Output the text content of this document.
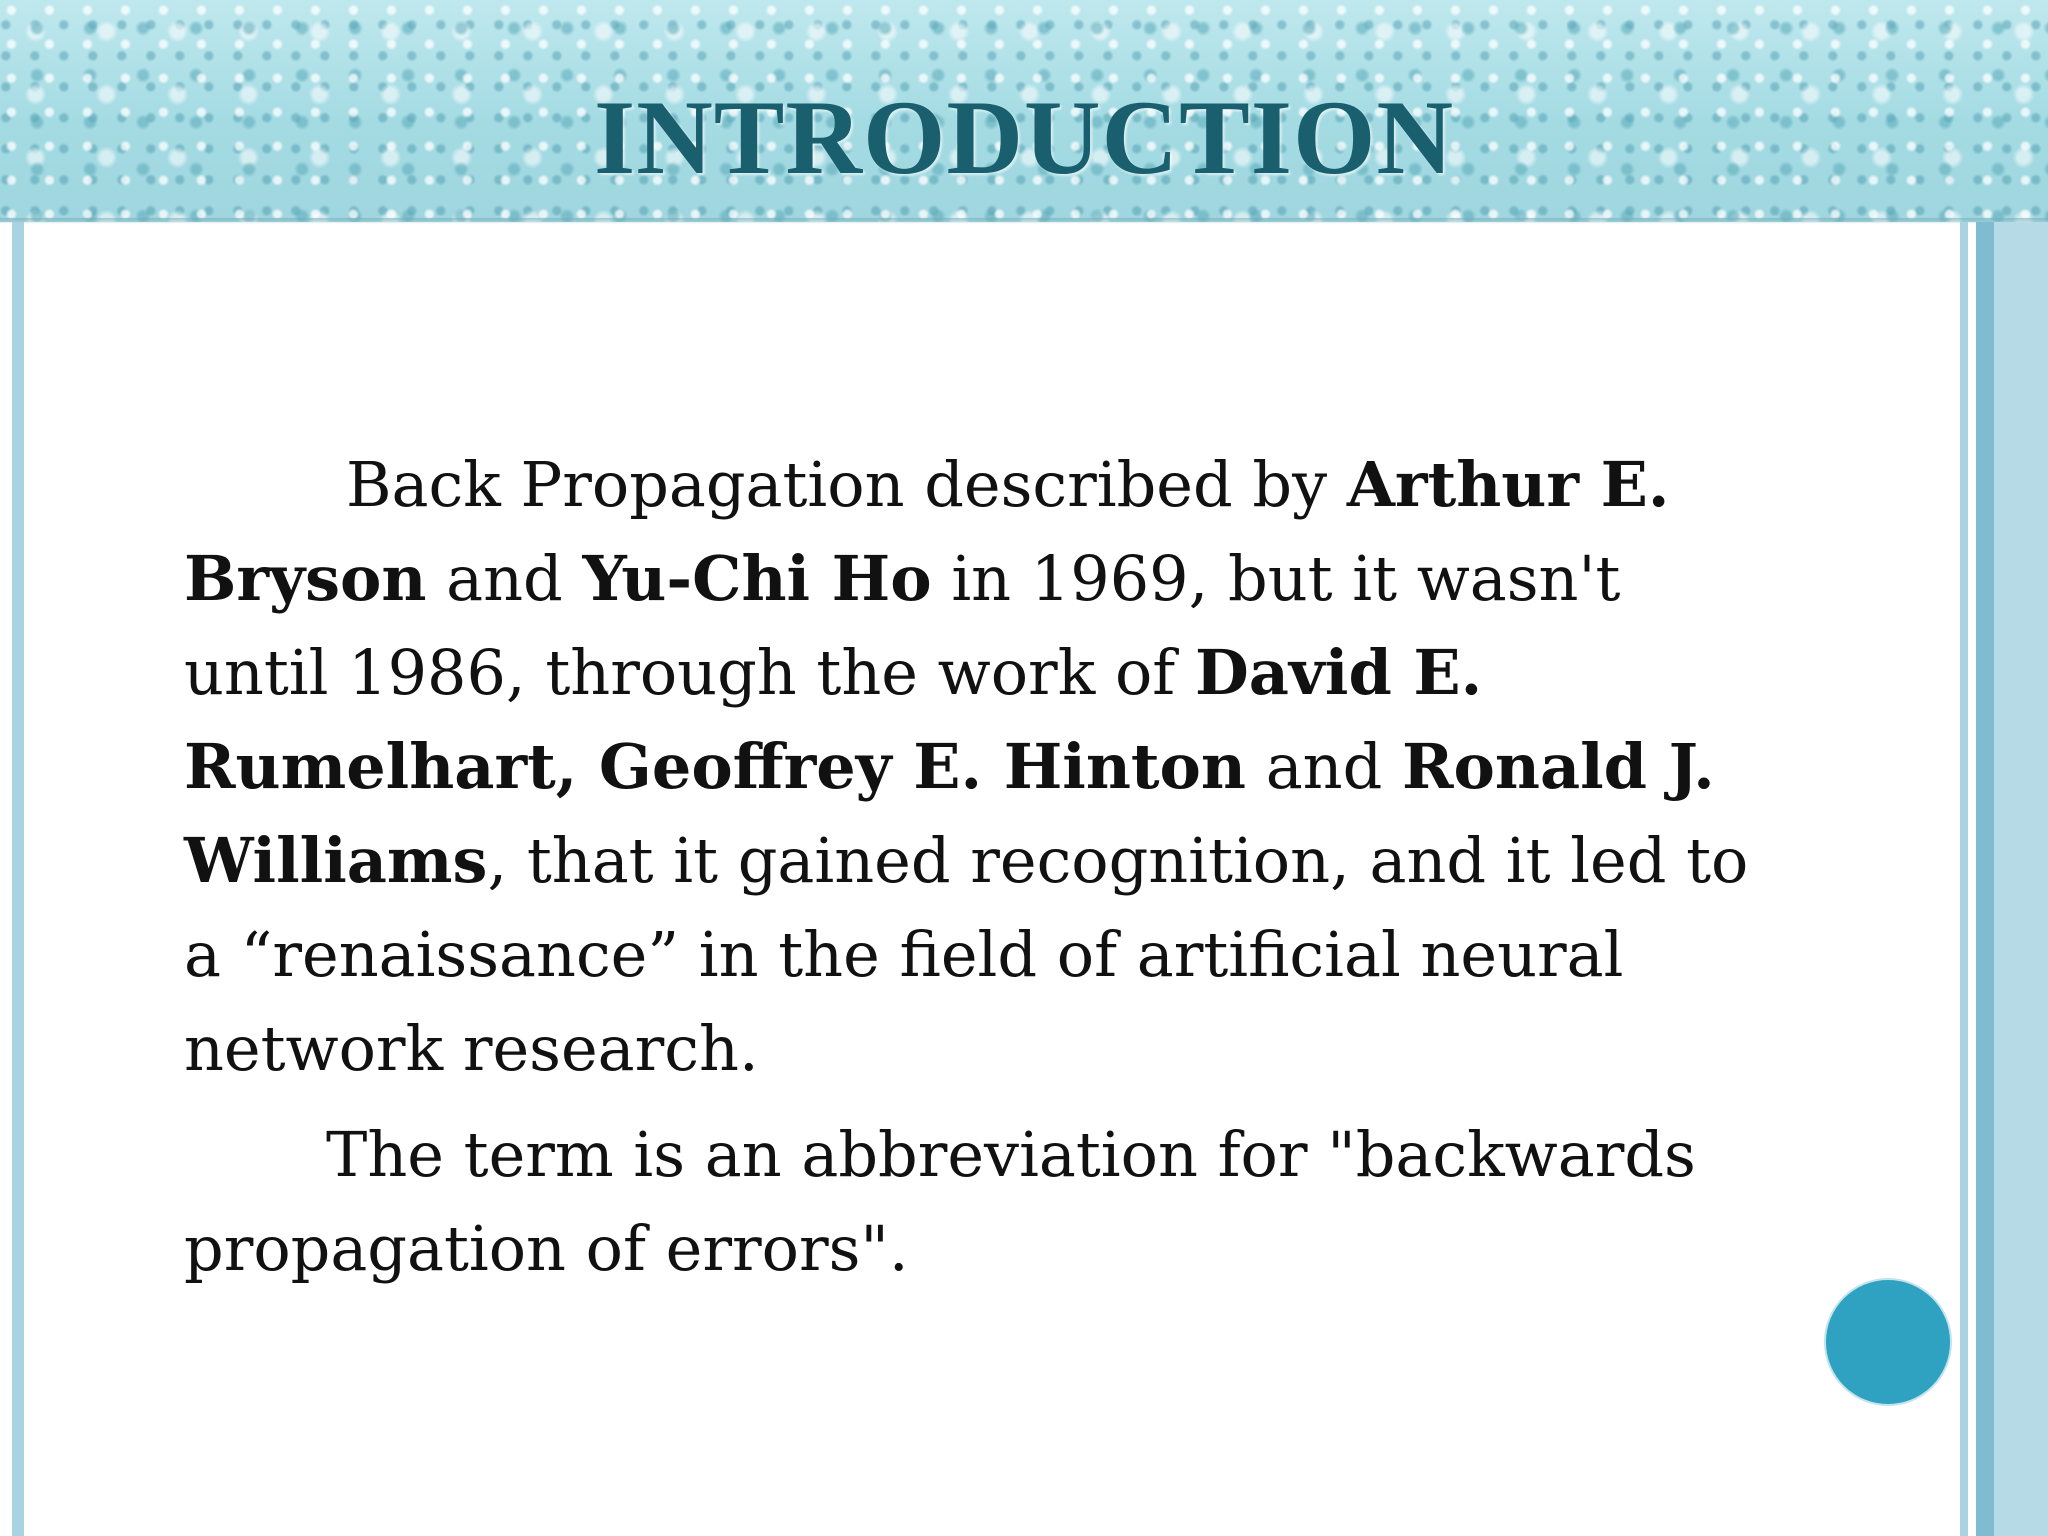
INTRODUCTION

Back Propagation described by Arthur E. Bryson and Yu-Chi Ho in 1969, but it wasn't until 1986, through the work of David E. Rumelhart, Geoffrey E. Hinton and Ronald J. Williams, that it gained recognition, and it led to a “renaissance” in the field of artificial neural network research.

The term is an abbreviation for "backwards propagation of errors".
